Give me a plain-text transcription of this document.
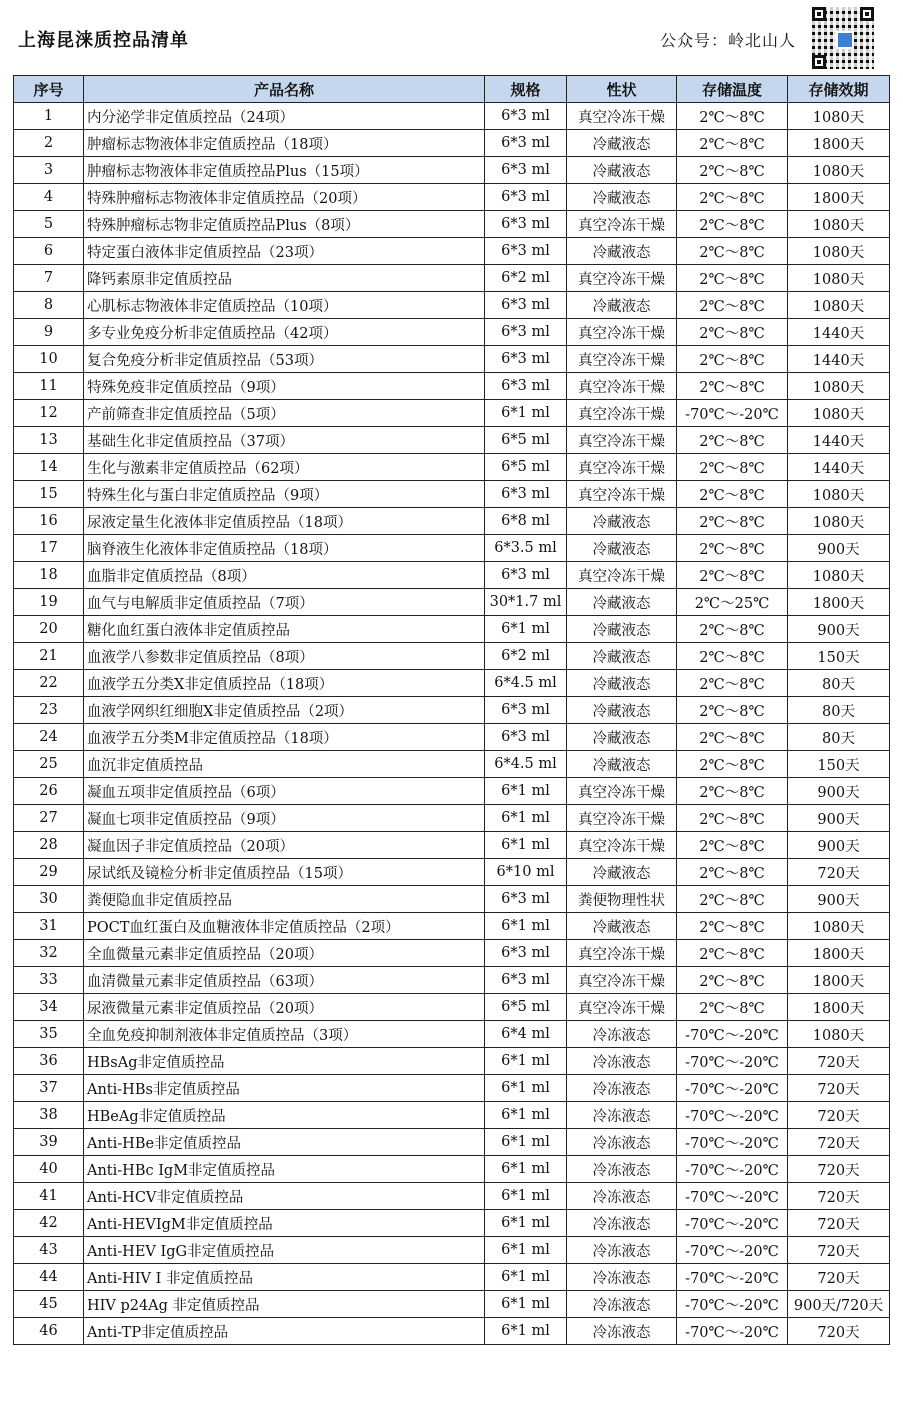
上海昆涞质控品清单	公众号：岭北山人
序号	产品名称	规格	性状	存储温度	存储效期
1	内分泌学非定值质控品（24项）	6*3 ml	真空冷冻干燥	2℃～8℃	1080天
2	肿瘤标志物液体非定值质控品（18项）	6*3 ml	冷藏液态	2℃～8℃	1800天
3	肿瘤标志物液体非定值质控品Plus（15项）	6*3 ml	冷藏液态	2℃～8℃	1080天
4	特殊肿瘤标志物液体非定值质控品（20项）	6*3 ml	冷藏液态	2℃～8℃	1800天
5	特殊肿瘤标志物非定值质控品Plus（8项）	6*3 ml	真空冷冻干燥	2℃～8℃	1080天
6	特定蛋白液体非定值质控品（23项）	6*3 ml	冷藏液态	2℃～8℃	1080天
7	降钙素原非定值质控品	6*2 ml	真空冷冻干燥	2℃～8℃	1080天
8	心肌标志物液体非定值质控品（10项）	6*3 ml	冷藏液态	2℃～8℃	1080天
9	多专业免疫分析非定值质控品（42项）	6*3 ml	真空冷冻干燥	2℃～8℃	1440天
10	复合免疫分析非定值质控品（53项）	6*3 ml	真空冷冻干燥	2℃～8℃	1440天
11	特殊免疫非定值质控品（9项）	6*3 ml	真空冷冻干燥	2℃～8℃	1080天
12	产前筛查非定值质控品（5项）	6*1 ml	真空冷冻干燥	-70℃～-20℃	1080天
13	基础生化非定值质控品（37项）	6*5 ml	真空冷冻干燥	2℃～8℃	1440天
14	生化与激素非定值质控品（62项）	6*5 ml	真空冷冻干燥	2℃～8℃	1440天
15	特殊生化与蛋白非定值质控品（9项）	6*3 ml	真空冷冻干燥	2℃～8℃	1080天
16	尿液定量生化液体非定值质控品（18项）	6*8 ml	冷藏液态	2℃～8℃	1080天
17	脑脊液生化液体非定值质控品（18项）	6*3.5 ml	冷藏液态	2℃～8℃	900天
18	血脂非定值质控品（8项）	6*3 ml	真空冷冻干燥	2℃～8℃	1080天
19	血气与电解质非定值质控品（7项）	30*1.7 ml	冷藏液态	2℃～25℃	1800天
20	糖化血红蛋白液体非定值质控品	6*1 ml	冷藏液态	2℃～8℃	900天
21	血液学八参数非定值质控品（8项）	6*2 ml	冷藏液态	2℃～8℃	150天
22	血液学五分类X非定值质控品（18项）	6*4.5 ml	冷藏液态	2℃～8℃	80天
23	血液学网织红细胞X非定值质控品（2项）	6*3 ml	冷藏液态	2℃～8℃	80天
24	血液学五分类M非定值质控品（18项）	6*3 ml	冷藏液态	2℃～8℃	80天
25	血沉非定值质控品	6*4.5 ml	冷藏液态	2℃～8℃	150天
26	凝血五项非定值质控品（6项）	6*1 ml	真空冷冻干燥	2℃～8℃	900天
27	凝血七项非定值质控品（9项）	6*1 ml	真空冷冻干燥	2℃～8℃	900天
28	凝血因子非定值质控品（20项）	6*1 ml	真空冷冻干燥	2℃～8℃	900天
29	尿试纸及镜检分析非定值质控品（15项）	6*10 ml	冷藏液态	2℃～8℃	720天
30	粪便隐血非定值质控品	6*3 ml	粪便物理性状	2℃～8℃	900天
31	POCT血红蛋白及血糖液体非定值质控品（2项）	6*1 ml	冷藏液态	2℃～8℃	1080天
32	全血微量元素非定值质控品（20项）	6*3 ml	真空冷冻干燥	2℃～8℃	1800天
33	血清微量元素非定值质控品（63项）	6*3 ml	真空冷冻干燥	2℃～8℃	1800天
34	尿液微量元素非定值质控品（20项）	6*5 ml	真空冷冻干燥	2℃～8℃	1800天
35	全血免疫抑制剂液体非定值质控品（3项）	6*4 ml	冷冻液态	-70℃～-20℃	1080天
36	HBsAg非定值质控品	6*1 ml	冷冻液态	-70℃～-20℃	720天
37	Anti-HBs非定值质控品	6*1 ml	冷冻液态	-70℃～-20℃	720天
38	HBeAg非定值质控品	6*1 ml	冷冻液态	-70℃～-20℃	720天
39	Anti-HBe非定值质控品	6*1 ml	冷冻液态	-70℃～-20℃	720天
40	Anti-HBc IgM非定值质控品	6*1 ml	冷冻液态	-70℃～-20℃	720天
41	Anti-HCV非定值质控品	6*1 ml	冷冻液态	-70℃～-20℃	720天
42	Anti-HEVIgM非定值质控品	6*1 ml	冷冻液态	-70℃～-20℃	720天
43	Anti-HEV IgG非定值质控品	6*1 ml	冷冻液态	-70℃～-20℃	720天
44	Anti-HIV I 非定值质控品	6*1 ml	冷冻液态	-70℃～-20℃	720天
45	HIV p24Ag 非定值质控品	6*1 ml	冷冻液态	-70℃～-20℃	900天/720天
46	Anti-TP非定值质控品	6*1 ml	冷冻液态	-70℃～-20℃	720天
